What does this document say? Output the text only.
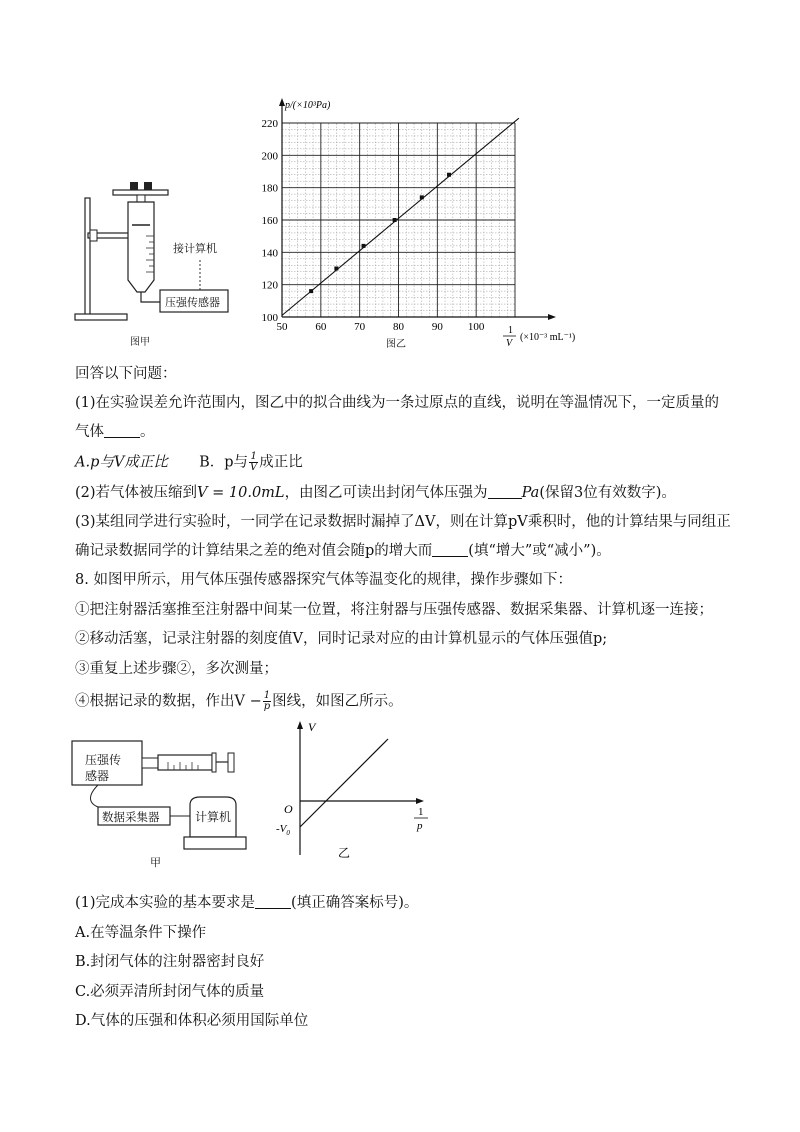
接计算机
压强传感器
图甲
100
120
140
160
180
200
220
50	60	70	80	90 100
p/(×10³Pa)
1
V
(×10⁻³ mL⁻¹)
图乙
回答以下问题：
(1)在实验误差允许范围内，图乙中的拟合曲线为一条过原点的直线，说明在等温情况下，一定质量的
气体 。
A.p与V成正比 B．p与 $\frac{1}{V}$ 成正比
(2)若气体被压缩到V = 10.0mL，由图乙可读出封闭气体压强为 Pa(保留3位有效数字)。
(3)某组同学进行实验时，一同学在记录数据时漏掉了ΔV，则在计算pV乘积时，他的计算结果与同组正
确记录数据同学的计算结果之差的绝对值会随p的增大而 (填“增大”或“减小”)。
8. 如图甲所示，用气体压强传感器探究气体等温变化的规律，操作步骤如下：
①把注射器活塞推至注射器中间某一位置，将注射器与压强传感器、数据采集器、计算机逐一连接；
②移动活塞，记录注射器的刻度值V，同时记录对应的由计算机显示的气体压强值p;
③重复上述步骤②，多次测量；
④根据记录的数据，作出$V - \frac{1}{p}$ 图线，如图乙所示。
压强传
感器
数据采集器	计算机
甲
V
O
$-V_0$
1
p
乙
(1)完成本实验的基本要求是 (填正确答案标号)。
A.在等温条件下操作
B.封闭气体的注射器密封良好
C.必须弄清所封闭气体的质量
D.气体的压强和体积必须用国际单位
